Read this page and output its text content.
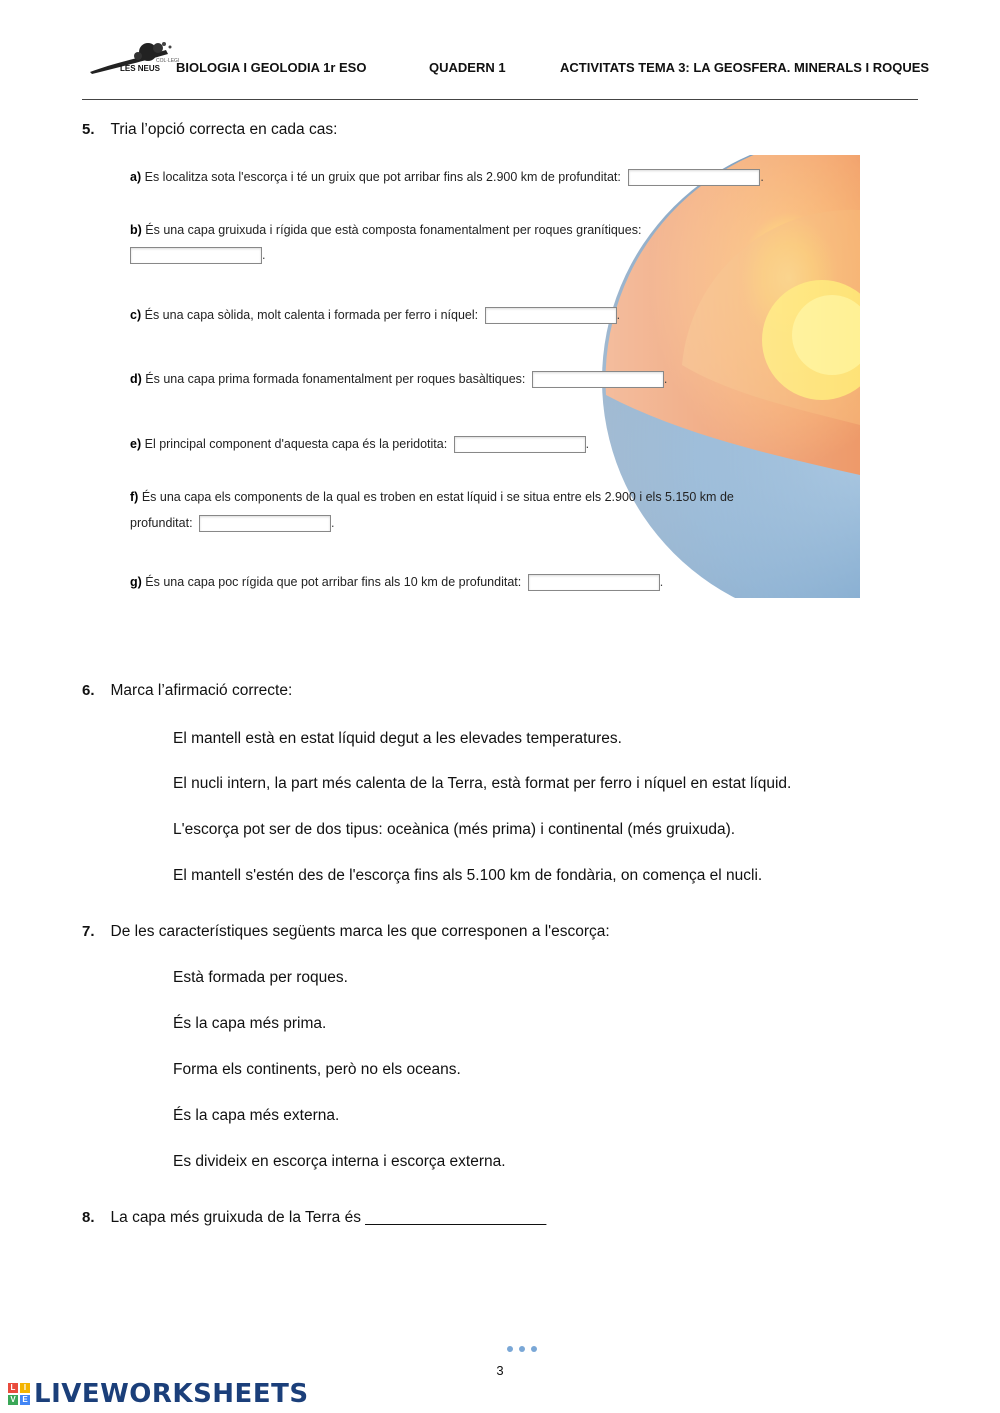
LES NEUS
COL·LEGI
BIOLOGIA I GEOLODIA 1r ESO	QUADERN 1	ACTIVITATS TEMA 3: LA GEOSFERA. MINERALS I ROQUES
5. Tria l’opció correcta en cada cas:
a) Es localitza sota l'escorça i té un gruix que pot arribar fins als 2.900 km de profunditat:	.
b) És una capa gruixuda i rígida que està composta fonamentalment per roques granítiques:
.
c) És una capa sòlida, molt calenta i formada per ferro i níquel:	.
d) És una capa prima formada fonamentalment per roques basàltiques:	.
e) El principal component d'aquesta capa és la peridotita:	.
f) És una capa els components de la qual es troben en estat líquid i se situa entre els 2.900 i els 5.150 km de
profunditat:	.
g) És una capa poc rígida que pot arribar fins als 10 km de profunditat:	.
6. Marca l’afirmació correcte:
El mantell està en estat líquid degut a les elevades temperatures.
El nucli intern, la part més calenta de la Terra, està format per ferro i níquel en estat líquid.
L'escorça pot ser de dos tipus: oceànica (més prima) i continental (més gruixuda).
El mantell s'estén des de l'escorça fins als 5.100 km de fondària, on comença el nucli.
7. De les característiques següents marca les que corresponen a l'escorça:
Està formada per roques.
És la capa més prima.
Forma els continents, però no els oceans.
És la capa més externa.
Es divideix en escorça interna i escorça externa.
8. La capa més gruixuda de la Terra és _____________________
3
L	I
V E LIVEWORKSHEETS
